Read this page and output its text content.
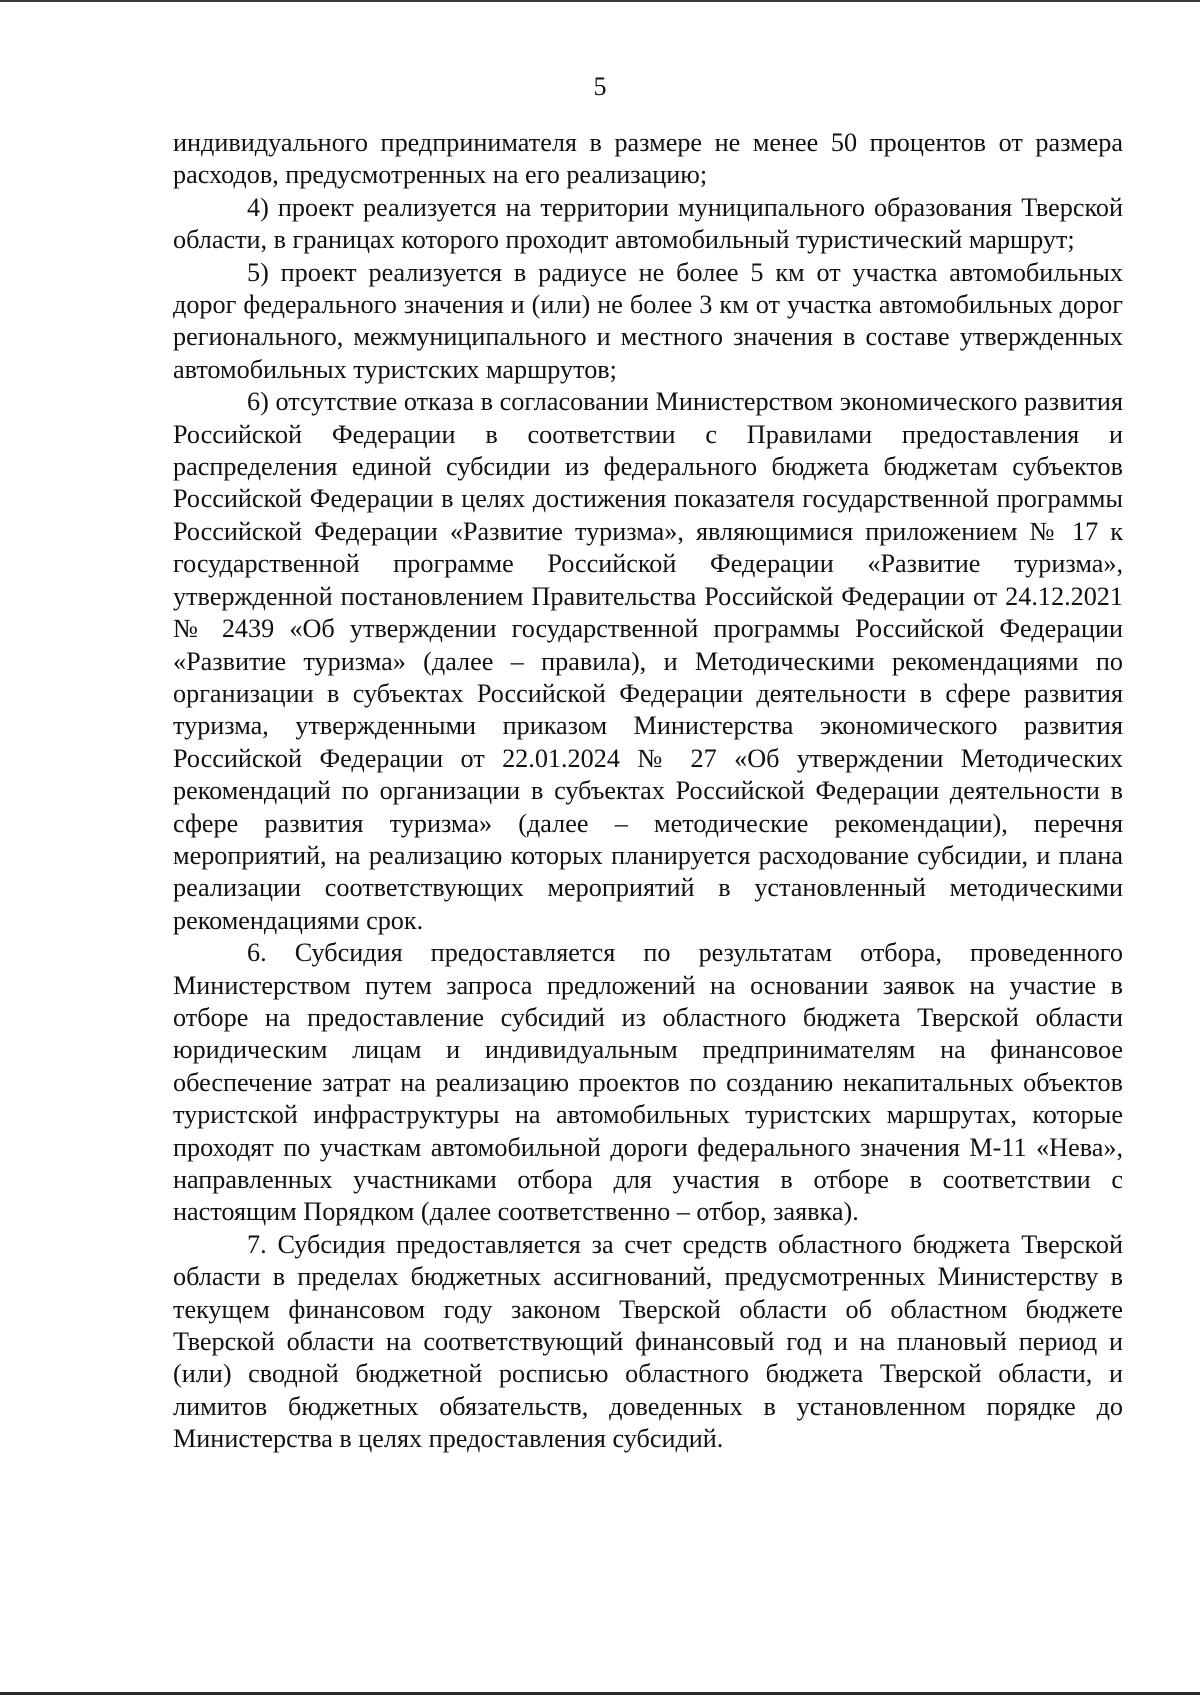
5

индивидуального предпринимателя в размере не менее 50 процентов от размера расходов, предусмотренных на его реализацию;

4) проект реализуется на территории муниципального образования Тверской области, в границах которого проходит автомобильный туристический маршрут;

5) проект реализуется в радиусе не более 5 км от участка автомобильных дорог федерального значения и (или) не более 3 км от участка автомобильных дорог регионального, межмуниципального и местного значения в составе утвержденных автомобильных туристских маршрутов;

6) отсутствие отказа в согласовании Министерством экономического развития Российской Федерации в соответствии с Правилами предоставления и распределения единой субсидии из федерального бюджета бюджетам субъектов Российской Федерации в целях достижения показателя государственной программы Российской Федерации «Развитие туризма», являющимися приложением № 17 к государственной программе Российской Федерации «Развитие туризма», утвержденной постановлением Правительства Российской Федерации от 24.12.2021 № 2439 «Об утверждении государственной программы Российской Федерации «Развитие туризма» (далее – правила), и Методическими рекомендациями по организации в субъектах Российской Федерации деятельности в сфере развития туризма, утвержденными приказом Министерства экономического развития Российской Федерации от 22.01.2024 № 27 «Об утверждении Методических рекомендаций по организации в субъектах Российской Федерации деятельности в сфере развития туризма» (далее – методические рекомендации), перечня мероприятий, на реализацию которых планируется расходование субсидии, и плана реализации соответствующих мероприятий в установленный методическими рекомендациями срок.

6. Субсидия предоставляется по результатам отбора, проведенного Министерством путем запроса предложений на основании заявок на участие в отборе на предоставление субсидий из областного бюджета Тверской области юридическим лицам и индивидуальным предпринимателям на финансовое обеспечение затрат на реализацию проектов по созданию некапитальных объектов туристской инфраструктуры на автомобильных туристских маршрутах, которые проходят по участкам автомобильной дороги федерального значения М-11 «Нева», направленных участниками отбора для участия в отборе в соответствии с настоящим Порядком (далее соответственно – отбор, заявка).

7. Субсидия предоставляется за счет средств областного бюджета Тверской области в пределах бюджетных ассигнований, предусмотренных Министерству в текущем финансовом году законом Тверской области об областном бюджете Тверской области на соответствующий финансовый год и на плановый период и (или) сводной бюджетной росписью областного бюджета Тверской области, и лимитов бюджетных обязательств, доведенных в установленном порядке до Министерства в целях предоставления субсидий.
